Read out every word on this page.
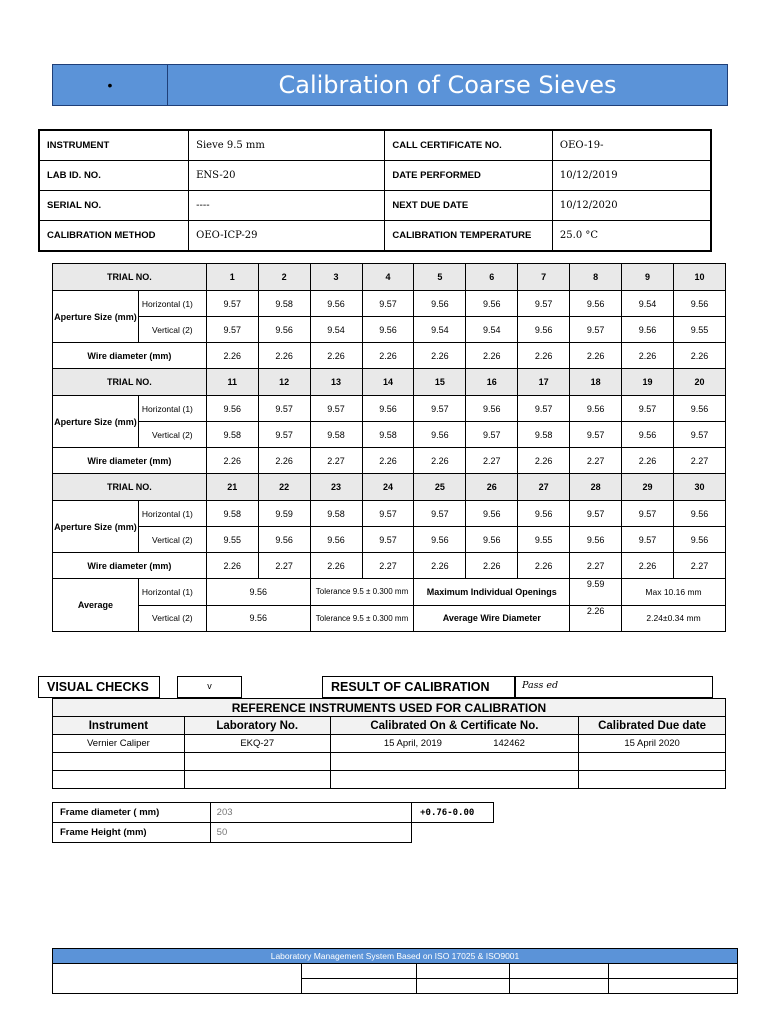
•	Calibration of Coarse Sieves
INSTRUMENT	Sieve 9.5 mm	CALL CERTIFICATE NO.	OEO-19-
LAB ID. NO.	ENS-20	DATE PERFORMED	10/12/2019
SERIAL NO.	----	NEXT DUE DATE	10/12/2020
CALIBRATION METHOD	OEO-ICP-29	CALIBRATION TEMPERATURE	25.0 °C
TRIAL NO.		1	2	3	4	5	6	7	8	9	10
Aperture Size (mm)	Horizontal (1)	9.57	9.58	9.56	9.57	9.56	9.56	9.57	9.56	9.54	9.56
	Vertical (2)	9.57	9.56	9.54	9.56	9.54	9.54	9.56	9.57	9.56	9.55
Wire diameter (mm)		2.26	2.26	2.26	2.26	2.26	2.26	2.26	2.26	2.26	2.26
TRIAL NO.		11	12	13	14	15	16	17	18	19	20
Aperture Size (mm)	Horizontal (1)	9.56	9.57	9.57	9.56	9.57	9.56	9.57	9.56	9.57	9.56
	Vertical (2)	9.58	9.57	9.58	9.58	9.56	9.57	9.58	9.57	9.56	9.57
Wire diameter (mm)		2.26	2.26	2.27	2.26	2.26	2.27	2.26	2.27	2.26	2.27
TRIAL NO.		21	22	23	24	25	26	27	28	29	30
Aperture Size (mm)	Horizontal (1)	9.58	9.59	9.58	9.57	9.57	9.56	9.56	9.57	9.57	9.56
	Vertical (2)	9.55	9.56	9.56	9.57	9.56	9.56	9.55	9.56	9.57	9.56
Wire diameter (mm)		2.26	2.27	2.26	2.27	2.26	2.26	2.26	2.27	2.26	2.27
Average	Horizontal (1)	9.56		Tolerance 9.5 ± 0.300 mm		Maximum Individual Openings			9.59	Max 10.16 mm	
	Vertical (2)	9.56		Tolerance 9.5 ± 0.300 mm		Average Wire Diameter			2.26	2.24±0.34 mm	
VISUAL CHECKS	v	RESULT OF CALIBRATION	Pass ed
REFERENCE INSTRUMENTS USED FOR CALIBRATION			
Instrument	Laboratory No.	Calibrated On & Certificate No.	Calibrated Due date
Vernier Caliper	EKQ-27	15 April, 2019 142462	15 April 2020

Frame diameter ( mm)	203	+0.76-0.00
Frame Height (mm)	50	
Laboratory Management System Based on ISO 17025 & ISO9001				
